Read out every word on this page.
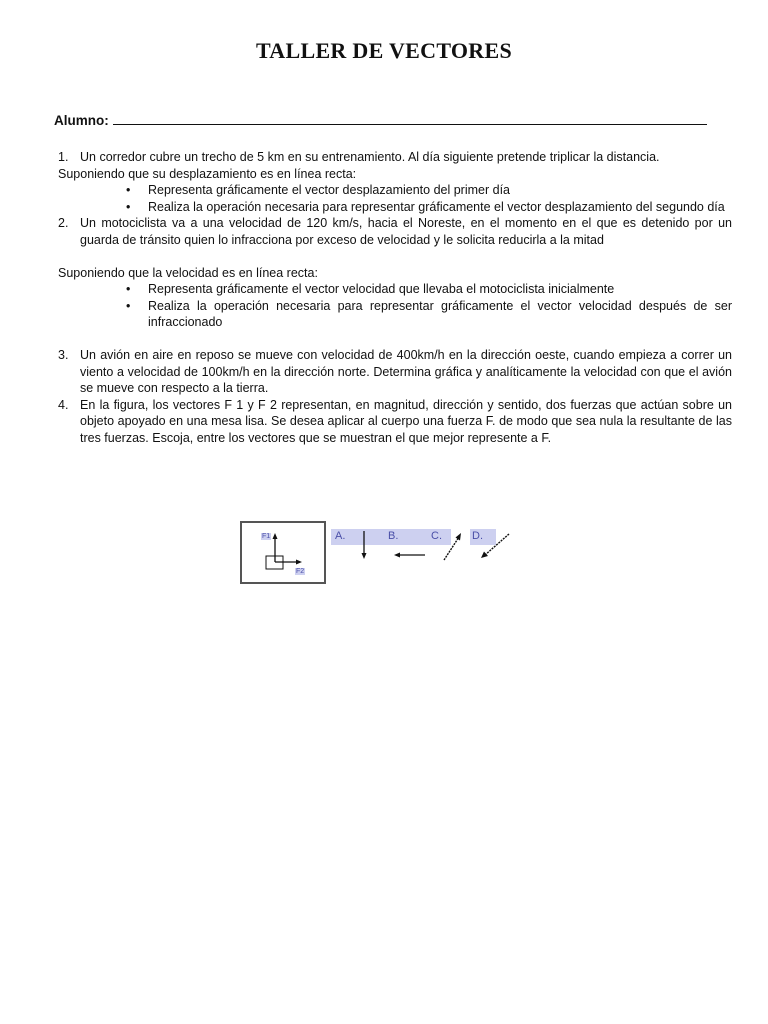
TALLER DE VECTORES
Alumno:
1. Un corredor cubre un trecho de 5 km en su entrenamiento. Al día siguiente pretende triplicar la distancia.
Suponiendo que su desplazamiento es en línea recta:
• Representa gráficamente el vector desplazamiento del primer día
• Realiza la operación necesaria para representar gráficamente el vector desplazamiento del segundo día
2. Un motociclista va a una velocidad de 120 km/s, hacia el Noreste, en el momento en el que es detenido por un guarda de tránsito quien lo infracciona por exceso de velocidad y le solicita reducirla a la mitad
Suponiendo que la velocidad es en línea recta:
• Representa gráficamente el vector velocidad que llevaba el motociclista inicialmente
• Realiza la operación necesaria para representar gráficamente el vector velocidad después de ser infraccionado
3. Un avión en aire en reposo se mueve con velocidad de 400km/h en la dirección oeste, cuando empieza a correr un viento a velocidad de 100km/h en la dirección norte. Determina gráfica y analíticamente la velocidad con que el avión se mueve con respecto a la tierra.
4. En la figura, los vectores F 1 y F 2 representan, en magnitud, dirección y sentido, dos fuerzas que actúan sobre un objeto apoyado en una mesa lisa. Se desea aplicar al cuerpo una fuerza F. de modo que sea nula la resultante de las tres fuerzas. Escoja, entre los vectores que se muestran el que mejor represente a F.
F1
F2
A.	B.	C.	D.
